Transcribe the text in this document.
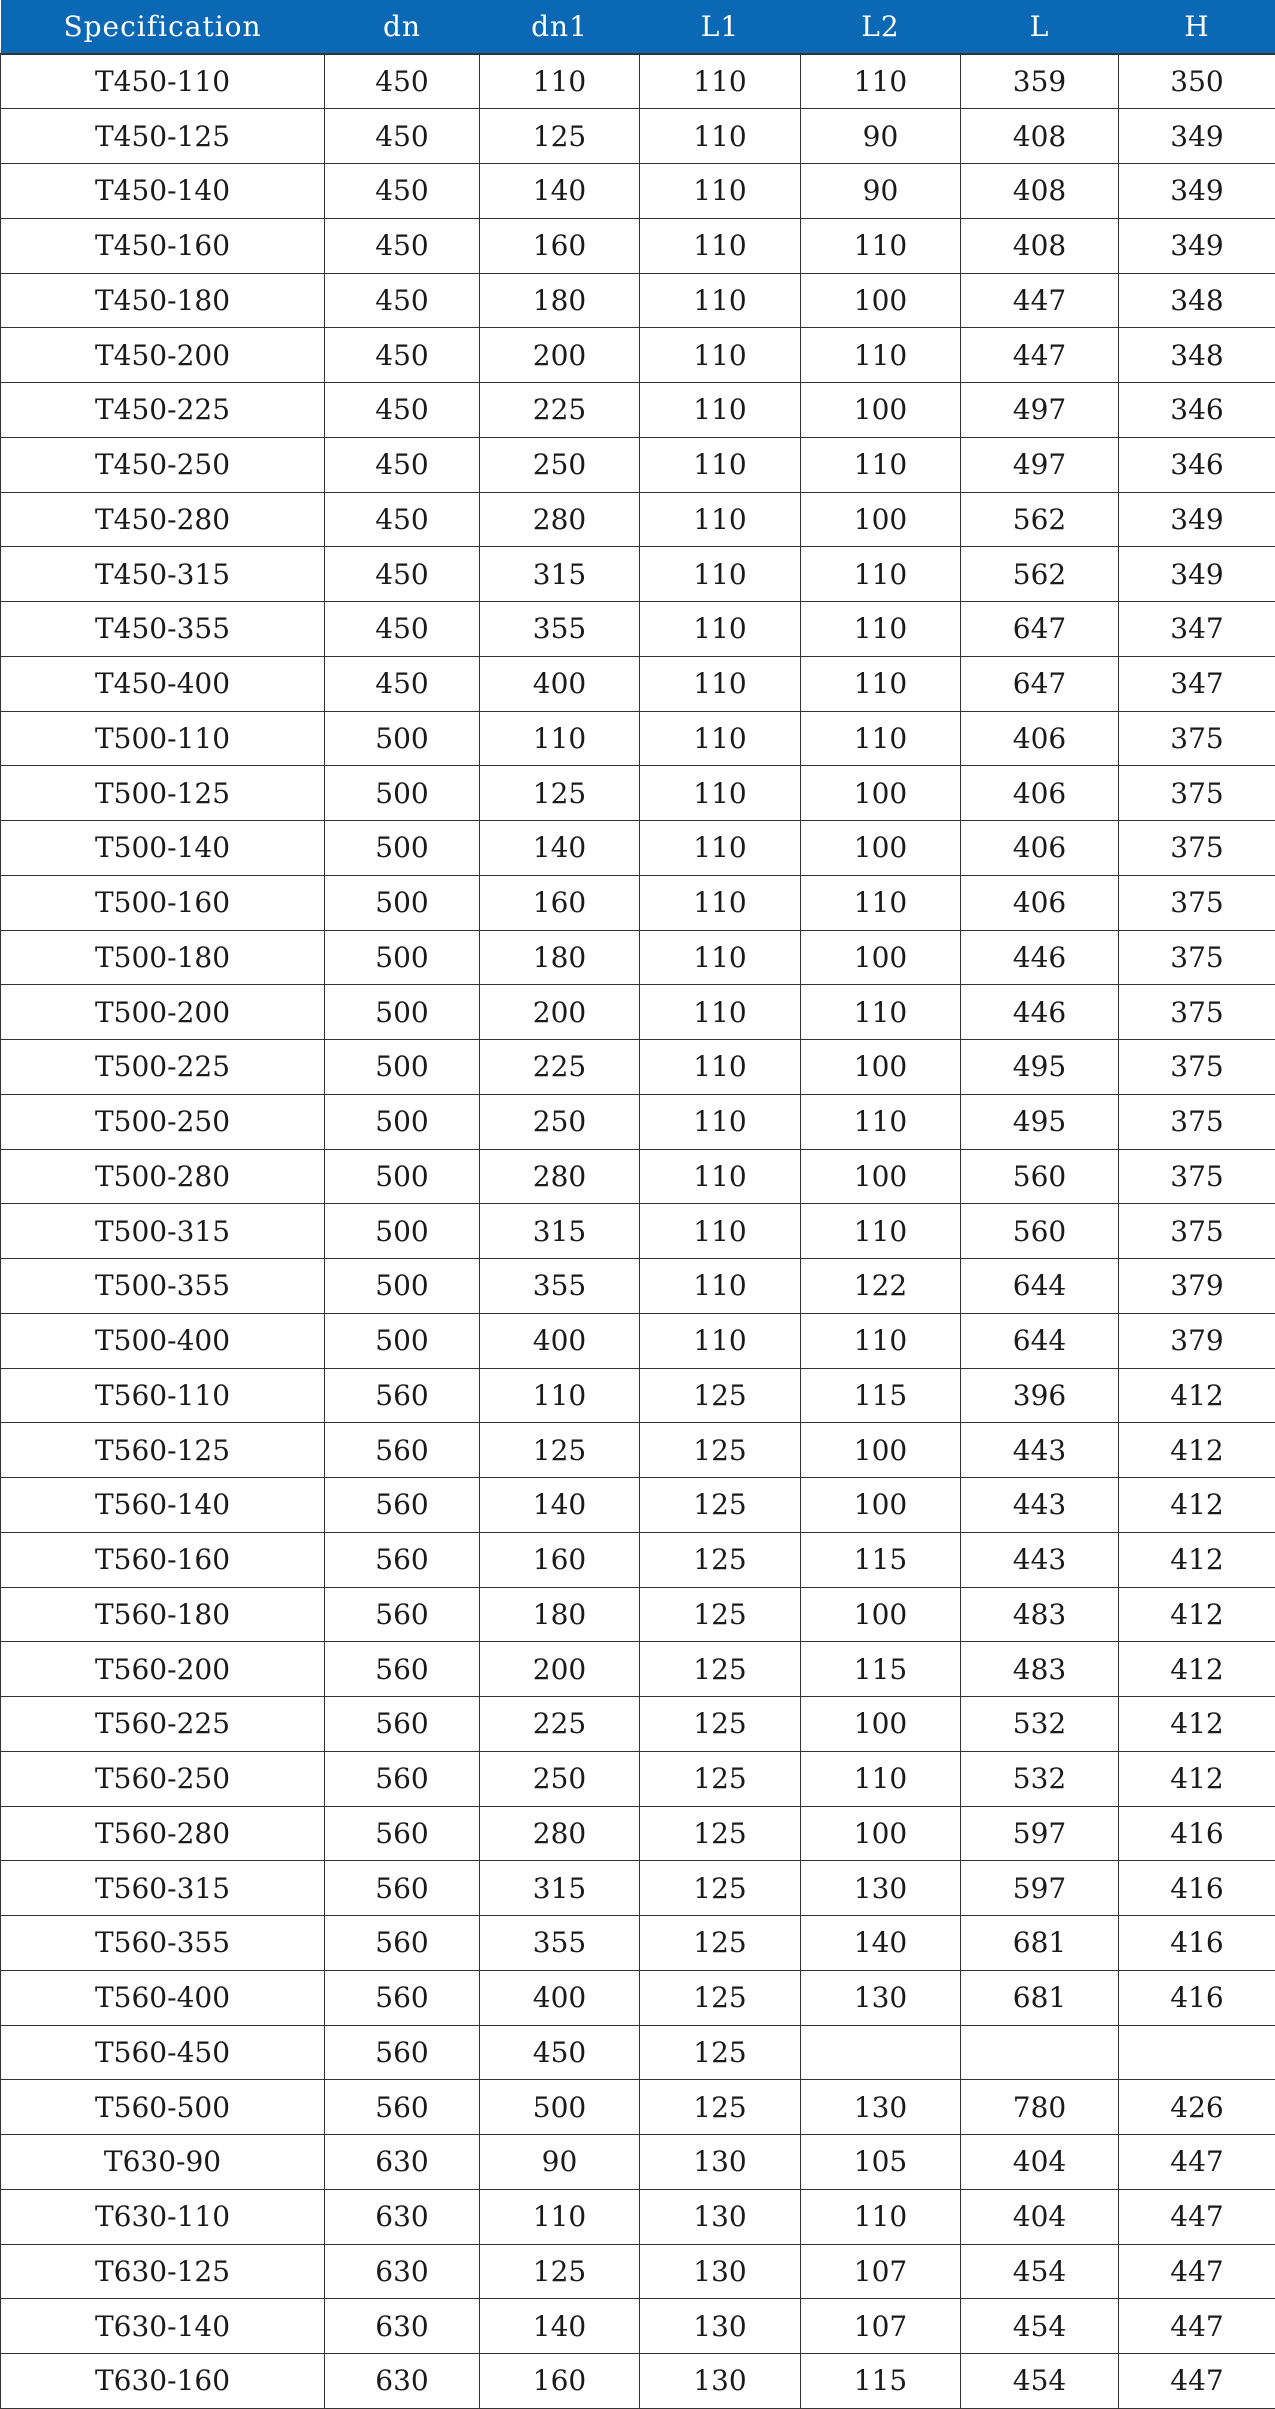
Specification	dn	dn1	L1	L2	L	H
T450-110	450	110	110	110	359	350
T450-125	450	125	110	90	408	349
T450-140	450	140	110	90	408	349
T450-160	450	160	110	110	408	349
T450-180	450	180	110	100	447	348
T450-200	450	200	110	110	447	348
T450-225	450	225	110	100	497	346
T450-250	450	250	110	110	497	346
T450-280	450	280	110	100	562	349
T450-315	450	315	110	110	562	349
T450-355	450	355	110	110	647	347
T450-400	450	400	110	110	647	347
T500-110	500	110	110	110	406	375
T500-125	500	125	110	100	406	375
T500-140	500	140	110	100	406	375
T500-160	500	160	110	110	406	375
T500-180	500	180	110	100	446	375
T500-200	500	200	110	110	446	375
T500-225	500	225	110	100	495	375
T500-250	500	250	110	110	495	375
T500-280	500	280	110	100	560	375
T500-315	500	315	110	110	560	375
T500-355	500	355	110	122	644	379
T500-400	500	400	110	110	644	379
T560-110	560	110	125	115	396	412
T560-125	560	125	125	100	443	412
T560-140	560	140	125	100	443	412
T560-160	560	160	125	115	443	412
T560-180	560	180	125	100	483	412
T560-200	560	200	125	115	483	412
T560-225	560	225	125	100	532	412
T560-250	560	250	125	110	532	412
T560-280	560	280	125	100	597	416
T560-315	560	315	125	130	597	416
T560-355	560	355	125	140	681	416
T560-400	560	400	125	130	681	416
T560-450	560	450	125			
T560-500	560	500	125	130	780	426
T630-90	630	90	130	105	404	447
T630-110	630	110	130	110	404	447
T630-125	630	125	130	107	454	447
T630-140	630	140	130	107	454	447
T630-160	630	160	130	115	454	447
